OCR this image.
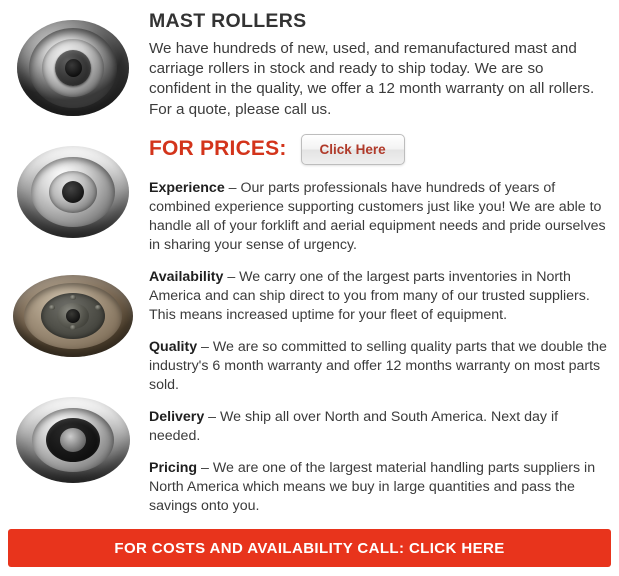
MAST ROLLERS

We have hundreds of new, used, and remanufactured mast and carriage rollers in stock and ready to ship today. We are so confident in the quality, we offer a 12 month warranty on all rollers. For a quote, please call us.

FOR PRICES:	Click Here

Experience – Our parts professionals have hundreds of years of combined experience supporting customers just like you! We are able to handle all of your forklift and aerial equipment needs and pride ourselves in sharing your sense of urgency.

Availability – We carry one of the largest parts inventories in North America and can ship direct to you from many of our trusted suppliers. This means increased uptime for your fleet of equipment.

Quality – We are so committed to selling quality parts that we double the industry's 6 month warranty and offer 12 months warranty on most parts sold.

Delivery – We ship all over North and South America. Next day if needed.

Pricing – We are one of the largest material handling parts suppliers in North America which means we buy in large quantities and pass the savings onto you.

FOR COSTS AND AVAILABILITY CALL: CLICK HERE
